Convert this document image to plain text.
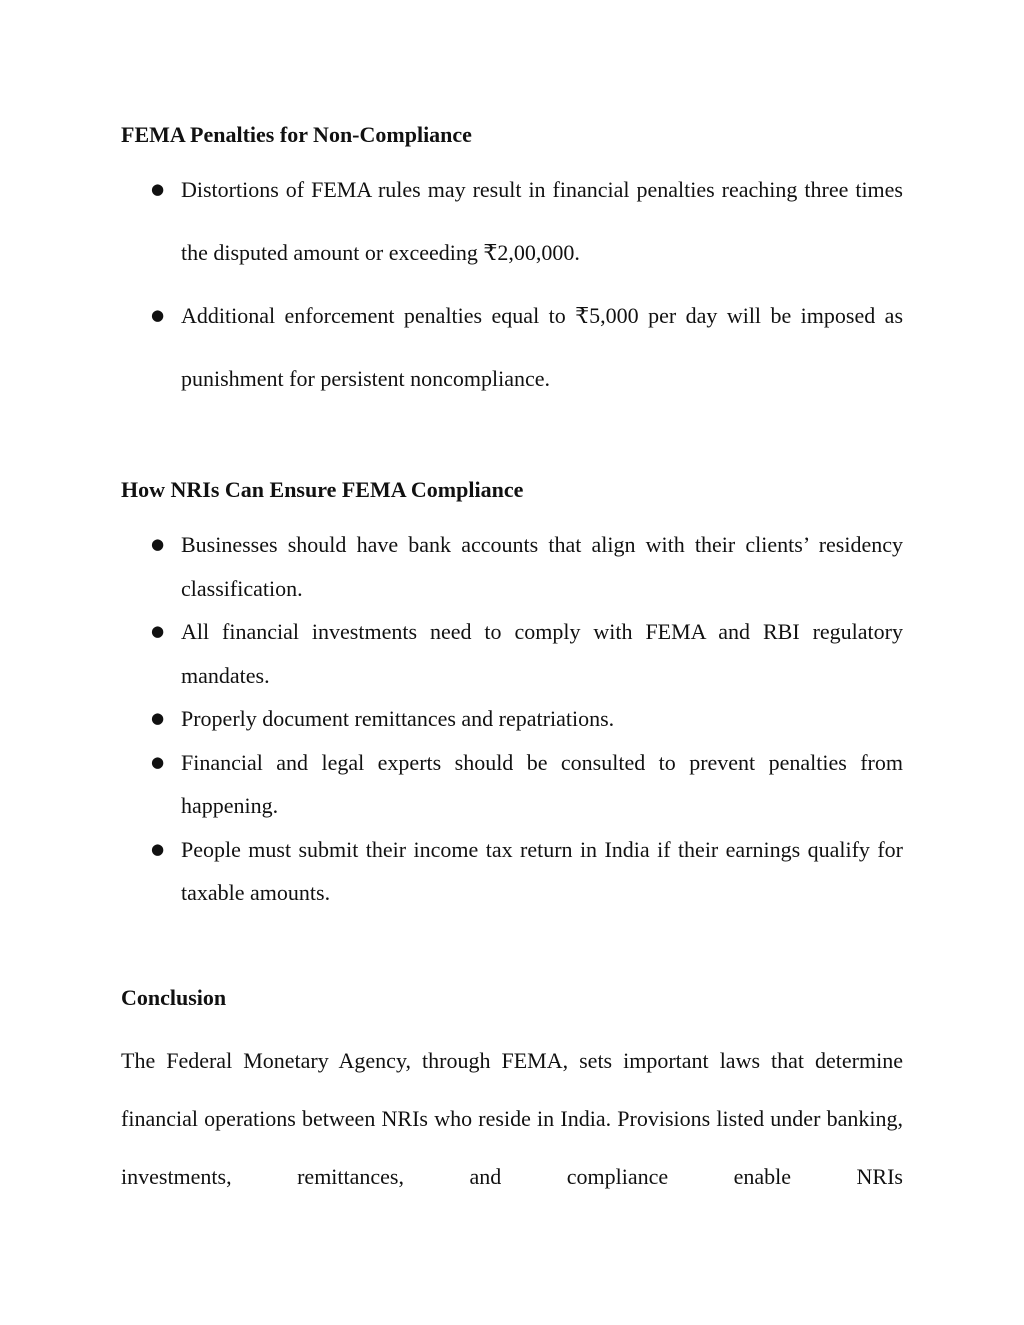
FEMA Penalties for Non-Compliance
● Distortions of FEMA rules may result in financial penalties reaching three times the disputed amount or exceeding ₹2,00,000.
● Additional enforcement penalties equal to ₹5,000 per day will be imposed as punishment for persistent noncompliance.
How NRIs Can Ensure FEMA Compliance
● Businesses should have bank accounts that align with their clients’ residency classification.
● All financial investments need to comply with FEMA and RBI regulatory mandates.
● Properly document remittances and repatriations.
● Financial and legal experts should be consulted to prevent penalties from happening.
● People must submit their income tax return in India if their earnings qualify for taxable amounts.
Conclusion

The Federal Monetary Agency, through FEMA, sets important laws that determine financial operations between NRIs who reside in India. Provisions listed under banking, investments, remittances, and compliance enable NRIs
